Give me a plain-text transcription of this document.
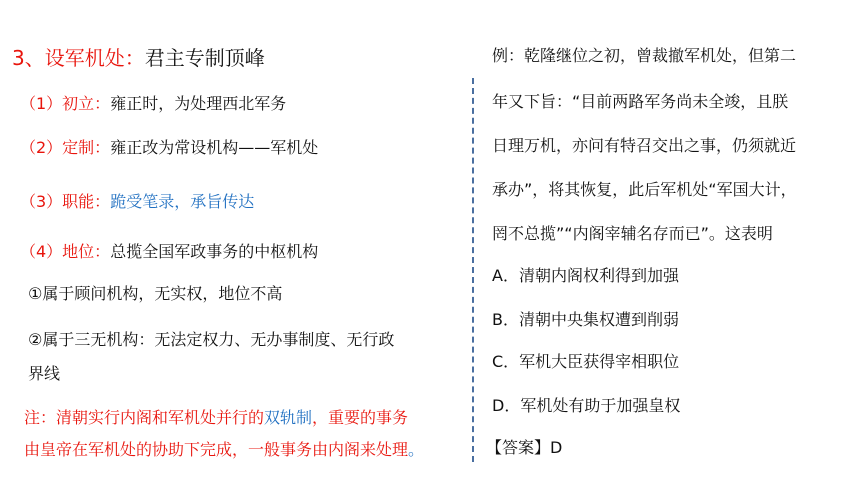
3、设军机处：君主专制顶峰
（1）初立：雍正时，为处理西北军务
（2）定制：雍正改为常设机构——军机处
（3）职能：跪受笔录，承旨传达
（4）地位：总揽全国军政事务的中枢机构
①属于顾问机构，无实权，地位不高
②属于三无机构：无法定权力、无办事制度、无行政
界线
注：清朝实行内阁和军机处并行的双轨制，重要的事务
由皇帝在军机处的协助下完成，一般事务由内阁来处理。
例：乾隆继位之初，曾裁撤军机处，但第二
年又下旨：“目前两路军务尚未全竣，且朕
日理万机，亦问有特召交出之事，仍须就近
承办”，将其恢复，此后军机处“军国大计，
罔不总揽”“内阁宰辅名存而已”。这表明
A．清朝内阁权利得到加强
B．清朝中央集权遭到削弱
C．军机大臣获得宰相职位
D．军机处有助于加强皇权
【答案】D
